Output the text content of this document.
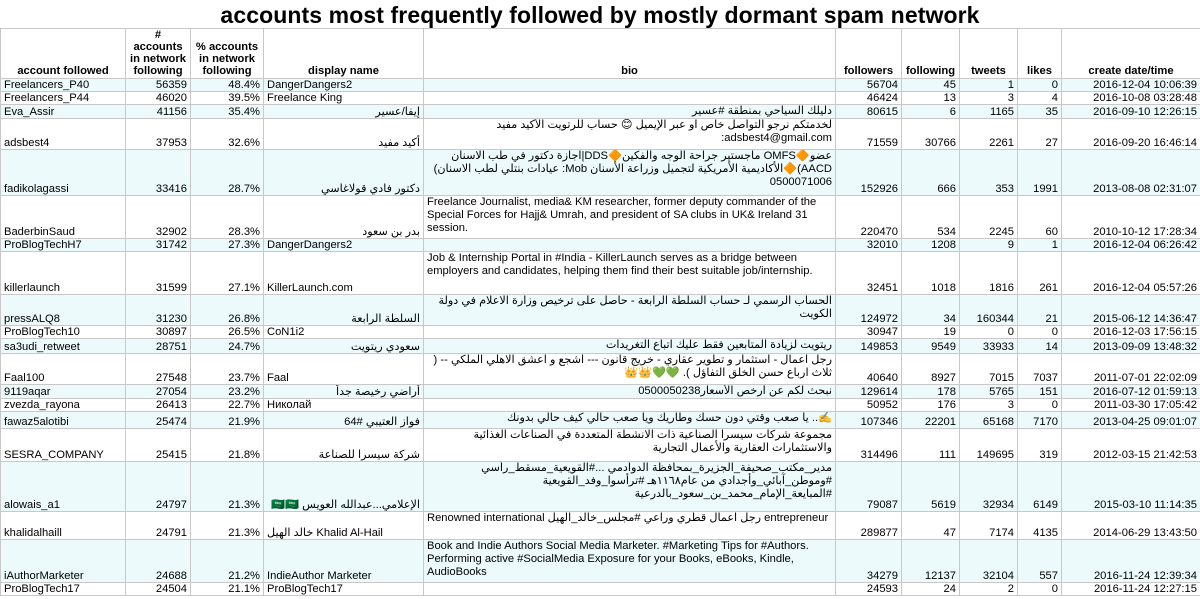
accounts most frequently followed by mostly dormant spam network
account followed	# accounts in network following	% accounts in network following	display name	bio	followers	following	tweets	likes	create date/time
Freelancers_P40	56359	48.4%	DangerDangers2		56704	45	1	0	2016-12-04 10:06:39
Freelancers_P44	46020	39.5%	Freelance King		46424	13	3	4	2016-10-08 03:28:48
Eva_Assir	41156	35.4%	إيفا/عسير	دليلك السياحي بمنطقة #عسير	80615	6	1165	35	2016-09-10 12:26:15
adsbest4	37953	32.6%	أكيد مفيد	لخدمتكم نرجو التواصل خاص او عبر الإيميل 😊 حساب للرتويت الأكيد مفيد adsbest4@gmail.com:	71559	30766	2261	27	2016-09-20 16:46:14
fadikolagassi	33416	28.7%	دكتور فادي قولاغاسي	عضو🔶OMFS ماجستير جراحة الوجه والفكين🔶DDS|اجازة دكتور في طب الاسنان AACD)🔶الأكاديمية الأمريكية لتجميل وزراعة الأسنان Mob: عيادات بنتلي لطب الاسنان) 0500071006	152926	666	353	1991	2013-08-08 02:31:07
BaderbinSaud	32902	28.3%	بدر بن سعود	Freelance Journalist, media& KM researcher, former deputy commander of the Special Forces for Hajj& Umrah, and president of SA clubs in UK& Ireland 31 session.	220470	534	2245	60	2010-10-12 17:28:34
ProBlogTechH7	31742	27.3%	DangerDangers2		32010	1208	9	1	2016-12-04 06:26:42
killerlaunch	31599	27.1%	KillerLaunch.com	Job & Internship Portal in #India - KillerLaunch serves as a bridge between employers and candidates, helping them find their best suitable job/internship.	32451	1018	1816	261	2016-12-04 05:57:26
pressALQ8	31230	26.8%	السلطة الرابعة	الحساب الرسمي لـ حساب السلطة الرابعة - حاصل على ترخيص وزارة الاعلام في دولة الكويت	124972	34	160344	21	2015-06-12 14:36:47
ProBlogTech10	30897	26.5%	CoN1i2		30947	19	0	0	2016-12-03 17:56:15
sa3udi_retweet	28751	24.7%	سعودي ريتويت	ريتويت لزيادة المتابعين فقط عليك اتباع التغريدات	149853	9549	33933	14	2013-09-09 13:48:32
Faal100	27548	23.7%	Faal	رجل اعمال - استثمار و تطوير عقاري - خريج قانون --- اشجع و اعشق الاهلي الملكي -- ( ثلاث ارباع حسن الخلق التفاؤل ). 💚💚👑👑	40640	8927	7015	7037	2011-07-01 22:02:09
9119aqar	27054	23.2%	أراضي رخيصة جداً	نبحث لكم عن أرخص الأسعار0500050238	129614	178	5765	151	2016-07-12 01:59:13
zvezda_rayona	26413	22.7%	Николай		50952	176	3	0	2011-03-30 17:05:42
fawaz5alotibi	25474	21.9%	فواز العتيبي #64	✍️.. يا صعب وقتي دون حسك وطاريك ويا صعب حالي كيف حالي بدونك	107346	22201	65168	7170	2013-04-25 09:01:07
SESRA_COMPANY	25415	21.8%	شركة سيسرا للصناعة	مجموعة شركات سيسرا الصناعية ذات الانشطة المتعددة في الصناعات الغذائية والاستثمارات العقارية والأعمال التجارية	314496	111	149695	319	2012-03-15 21:42:53
alowais_a1	24797	21.3%	الإعلامي...عبدالله العويس 🇸🇦🇸🇦	مدير_مكتب_صحيفة_الجزيرة_بمحافظة الدوادمي ...#القويعية_مسقط_رأسي #وموطن_آبائي_وأجدادي من عام١١٦٨هـ #ترأسوا_وفد_القويعية #المبايعة_الإمام_محمد_بن_سعود_بالدرعية	79087	5619	32934	6149	2015-03-10 11:14:35
khalidalhaill	24791	21.3%	خالد الهيل Khalid Al-Hail	Renowned international رجل اعمال قطري وراعي #مجلس_خالد_الهيل entrepreneur	289877	47	7174	4135	2014-06-29 13:43:50
iAuthorMarketer	24688	21.2%	IndieAuthor Marketer	Book and Indie Authors Social Media Marketer. #Marketing Tips for #Authors. Performing active #SocialMedia Exposure for your Books, eBooks, Kindle, AudioBooks	34279	12137	32104	557	2016-11-24 12:39:34
ProBlogTech17	24504	21.1%	ProBlogTech17		24593	24	2	0	2016-11-24 12:27:15
